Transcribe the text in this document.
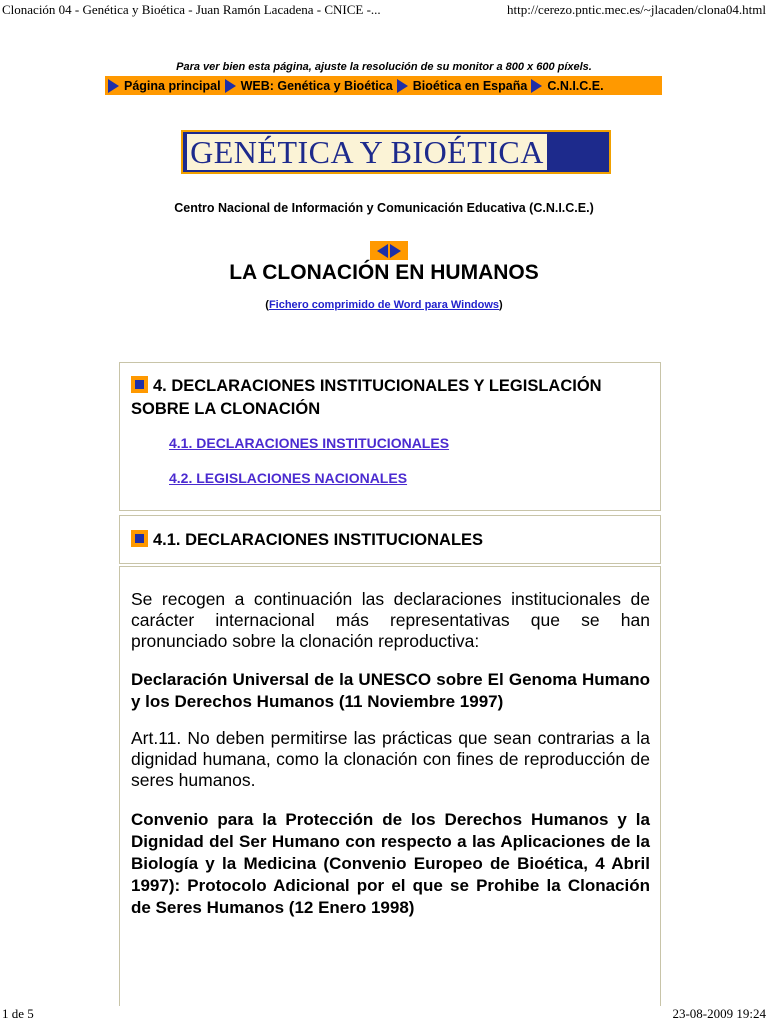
Clonación 04 - Genética y Bioética - Juan Ramón Lacadena - CNICE -...	http://cerezo.pntic.mec.es/~jlacaden/clona04.html
Para ver bien esta página, ajuste la resolución de su monitor a 800 x 600 píxels.
Página principal WEB: Genética y Bioética Bioética en España C.N.I.C.E.
GENÉTICA Y BIOÉTICA
Centro Nacional de Información y Comunicación Educativa (C.N.I.C.E.)
LA CLONACIÓN EN HUMANOS
(Fichero comprimido de Word para Windows)
4. DECLARACIONES INSTITUCIONALES Y LEGISLACIÓN SOBRE LA CLONACIÓN
4.1. DECLARACIONES INSTITUCIONALES
4.2. LEGISLACIONES NACIONALES
4.1. DECLARACIONES INSTITUCIONALES
Se recogen a continuación las declaraciones institucionales de carácter internacional más representativas que se han pronunciado sobre la clonación reproductiva:
Declaración Universal de la UNESCO sobre El Genoma Humano y los Derechos Humanos (11 Noviembre 1997)
Art.11. No deben permitirse las prácticas que sean contrarias a la dignidad humana, como la clonación con fines de reproducción de seres humanos.
Convenio para la Protección de los Derechos Humanos y la Dignidad del Ser Humano con respecto a las Aplicaciones de la Biología y la Medicina (Convenio Europeo de Bioética, 4 Abril 1997): Protocolo Adicional por el que se Prohibe la Clonación de Seres Humanos (12 Enero 1998)
1 de 5	23-08-2009 19:24
